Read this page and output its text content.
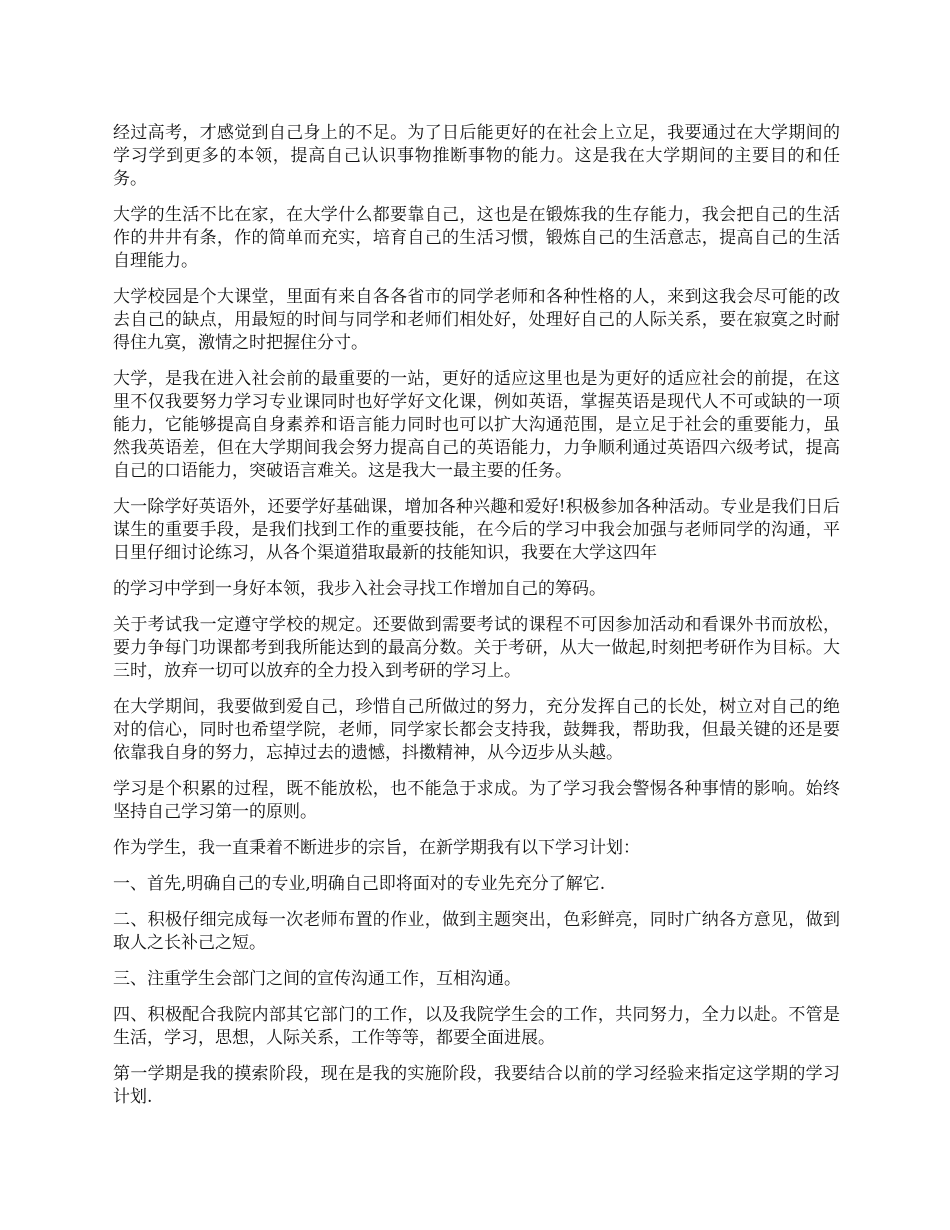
经过高考，才感觉到自己身上的不足。为了日后能更好的在社会上立足，我要通过在大学期间的学习学到更多的本领，提高自己认识事物推断事物的能力。这是我在大学期间的主要目的和任务。

大学的生活不比在家，在大学什么都要靠自己，这也是在锻炼我的生存能力，我会把自己的生活作的井井有条，作的简单而充实，培育自己的生活习惯，锻炼自己的生活意志，提高自己的生活自理能力。

大学校园是个大课堂，里面有来自各各省市的同学老师和各种性格的人，来到这我会尽可能的改去自己的缺点，用最短的时间与同学和老师们相处好，处理好自己的人际关系，要在寂寞之时耐得住九寞，激情之时把握住分寸。

大学，是我在进入社会前的最重要的一站，更好的适应这里也是为更好的适应社会的前提，在这里不仅我要努力学习专业课同时也好学好文化课，例如英语，掌握英语是现代人不可或缺的一项能力，它能够提高自身素养和语言能力同时也可以扩大沟通范围，是立足于社会的重要能力，虽然我英语差，但在大学期间我会努力提高自己的英语能力，力争顺利通过英语四六级考试，提高自己的口语能力，突破语言难关。这是我大一最主要的任务。

大一除学好英语外，还要学好基础课，增加各种兴趣和爱好!积极参加各种活动。专业是我们日后谋生的重要手段，是我们找到工作的重要技能，在今后的学习中我会加强与老师同学的沟通，平日里仔细讨论练习，从各个渠道猎取最新的技能知识，我要在大学这四年

的学习中学到一身好本领，我步入社会寻找工作增加自己的筹码。

关于考试我一定遵守学校的规定。还要做到需要考试的课程不可因参加活动和看课外书而放松，要力争每门功课都考到我所能达到的最高分数。关于考研，从大一做起,时刻把考研作为目标。大三时，放弃一切可以放弃的全力投入到考研的学习上。

在大学期间，我要做到爱自己，珍惜自己所做过的努力，充分发挥自己的长处，树立对自己的绝对的信心，同时也希望学院，老师，同学家长都会支持我，鼓舞我，帮助我，但最关键的还是要依靠我自身的努力，忘掉过去的遗憾，抖擞精神，从今迈步从头越。

学习是个积累的过程，既不能放松，也不能急于求成。为了学习我会警惕各种事情的影响。始终坚持自己学习第一的原则。

作为学生，我一直秉着不断进步的宗旨，在新学期我有以下学习计划：

一、首先,明确自己的专业,明确自己即将面对的专业先充分了解它.

二、积极仔细完成每一次老师布置的作业，做到主题突出，色彩鲜亮，同时广纳各方意见，做到取人之长补己之短。

三、注重学生会部门之间的宣传沟通工作，互相沟通。

四、积极配合我院内部其它部门的工作，以及我院学生会的工作，共同努力，全力以赴。不管是生活，学习，思想，人际关系，工作等等，都要全面进展。

第一学期是我的摸索阶段，现在是我的实施阶段，我要结合以前的学习经验来指定这学期的学习计划.
